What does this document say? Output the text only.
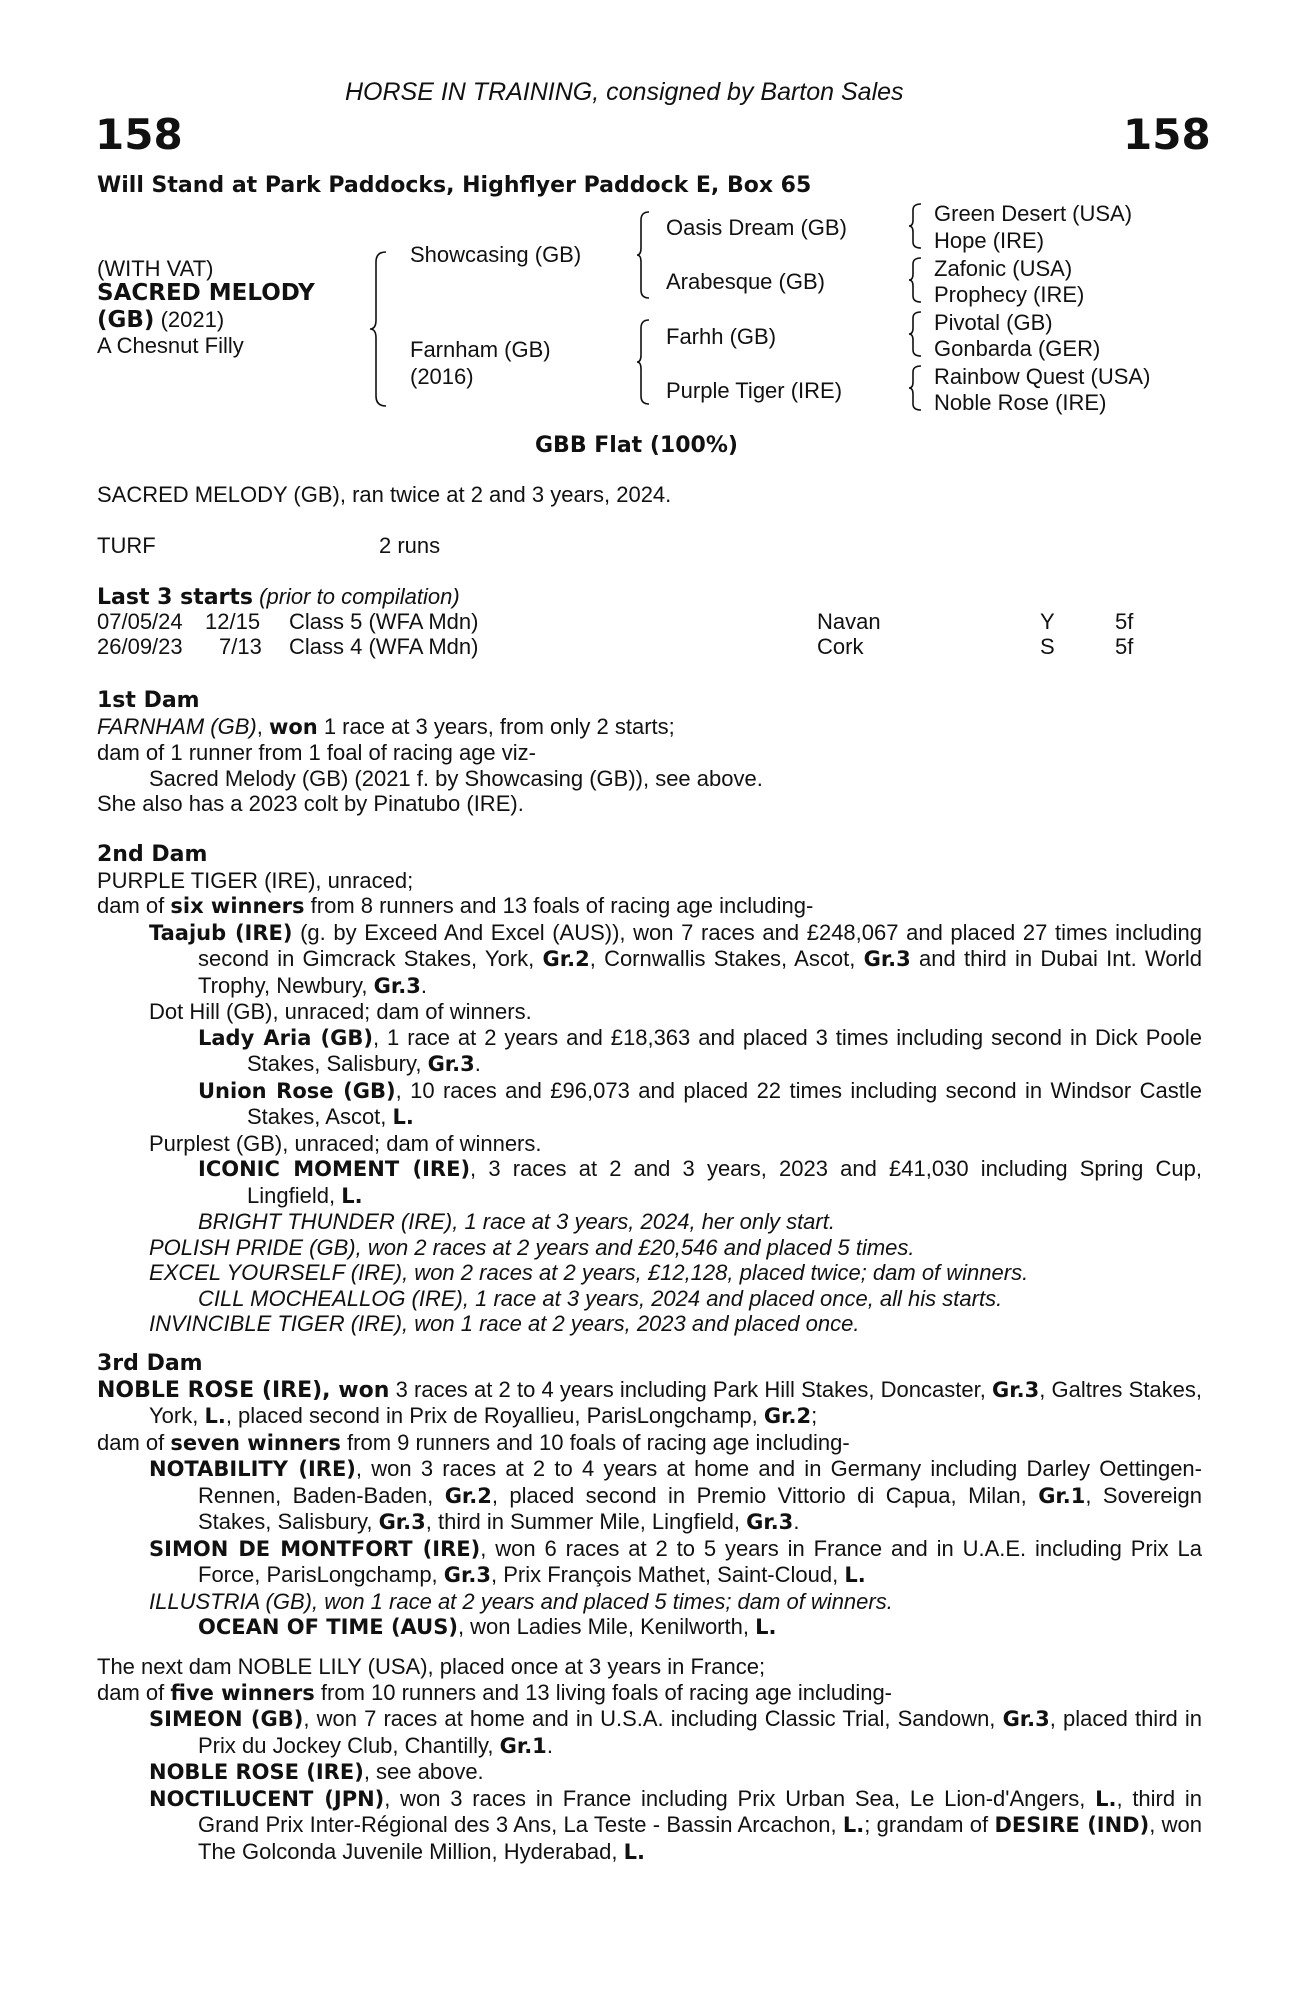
HORSE IN TRAINING, consigned by Barton Sales
158	158
Will Stand at Park Paddocks, Highflyer Paddock E, Box 65
(WITH VAT)
SACRED MELODY
(GB) (2021)
A Chesnut Filly
Showcasing (GB)
Farnham (GB)
(2016)
Oasis Dream (GB)
Arabesque (GB)
Farhh (GB)
Purple Tiger (IRE)
Green Desert (USA)
Hope (IRE)
Zafonic (USA)
Prophecy (IRE)
Pivotal (GB)
Gonbarda (GER)
Rainbow Quest (USA)
Noble Rose (IRE)
GBB Flat (100%)
SACRED MELODY (GB), ran twice at 2 and 3 years, 2024.
TURF	2 runs
Last 3 starts (prior to compilation)
07/05/24 12/15 Class 5 (WFA Mdn)	Navan	Y	5f
26/09/23 7/13 Class 4 (WFA Mdn)	Cork	S	5f
1st Dam
FARNHAM (GB), won 1 race at 3 years, from only 2 starts;
dam of 1 runner from 1 foal of racing age viz-
Sacred Melody (GB) (2021 f. by Showcasing (GB)), see above.
She also has a 2023 colt by Pinatubo (IRE).
2nd Dam
PURPLE TIGER (IRE), unraced;
dam of six winners from 8 runners and 13 foals of racing age including-
Taajub (IRE) (g. by Exceed And Excel (AUS)), won 7 races and £248,067 and placed 27 times including second in Gimcrack Stakes, York, Gr.2, Cornwallis Stakes, Ascot, Gr.3 and third in Dubai Int. World Trophy, Newbury, Gr.3.
Dot Hill (GB), unraced; dam of winners.
Lady Aria (GB), 1 race at 2 years and £18,363 and placed 3 times including second in Dick Poole Stakes, Salisbury, Gr.3.
Union Rose (GB), 10 races and £96,073 and placed 22 times including second in Windsor Castle Stakes, Ascot, L.
Purplest (GB), unraced; dam of winners.
ICONIC MOMENT (IRE), 3 races at 2 and 3 years, 2023 and £41,030 including Spring Cup, Lingfield, L.
BRIGHT THUNDER (IRE), 1 race at 3 years, 2024, her only start.
POLISH PRIDE (GB), won 2 races at 2 years and £20,546 and placed 5 times.
EXCEL YOURSELF (IRE), won 2 races at 2 years, £12,128, placed twice; dam of winners.
CILL MOCHEALLOG (IRE), 1 race at 3 years, 2024 and placed once, all his starts.
INVINCIBLE TIGER (IRE), won 1 race at 2 years, 2023 and placed once.
3rd Dam
NOBLE ROSE (IRE), won 3 races at 2 to 4 years including Park Hill Stakes, Doncaster, Gr.3, Galtres Stakes, York, L., placed second in Prix de Royallieu, ParisLongchamp, Gr.2;
dam of seven winners from 9 runners and 10 foals of racing age including-
NOTABILITY (IRE), won 3 races at 2 to 4 years at home and in Germany including Darley Oettingen-Rennen, Baden-Baden, Gr.2, placed second in Premio Vittorio di Capua, Milan, Gr.1, Sovereign Stakes, Salisbury, Gr.3, third in Summer Mile, Lingfield, Gr.3.
SIMON DE MONTFORT (IRE), won 6 races at 2 to 5 years in France and in U.A.E. including Prix La Force, ParisLongchamp, Gr.3, Prix François Mathet, Saint-Cloud, L.
ILLUSTRIA (GB), won 1 race at 2 years and placed 5 times; dam of winners.
OCEAN OF TIME (AUS), won Ladies Mile, Kenilworth, L.
The next dam NOBLE LILY (USA), placed once at 3 years in France;
dam of five winners from 10 runners and 13 living foals of racing age including-
SIMEON (GB), won 7 races at home and in U.S.A. including Classic Trial, Sandown, Gr.3, placed third in Prix du Jockey Club, Chantilly, Gr.1.
NOBLE ROSE (IRE), see above.
NOCTILUCENT (JPN), won 3 races in France including Prix Urban Sea, Le Lion-d'Angers, L., third in Grand Prix Inter-Régional des 3 Ans, La Teste - Bassin Arcachon, L.; grandam of DESIRE (IND), won The Golconda Juvenile Million, Hyderabad, L.
